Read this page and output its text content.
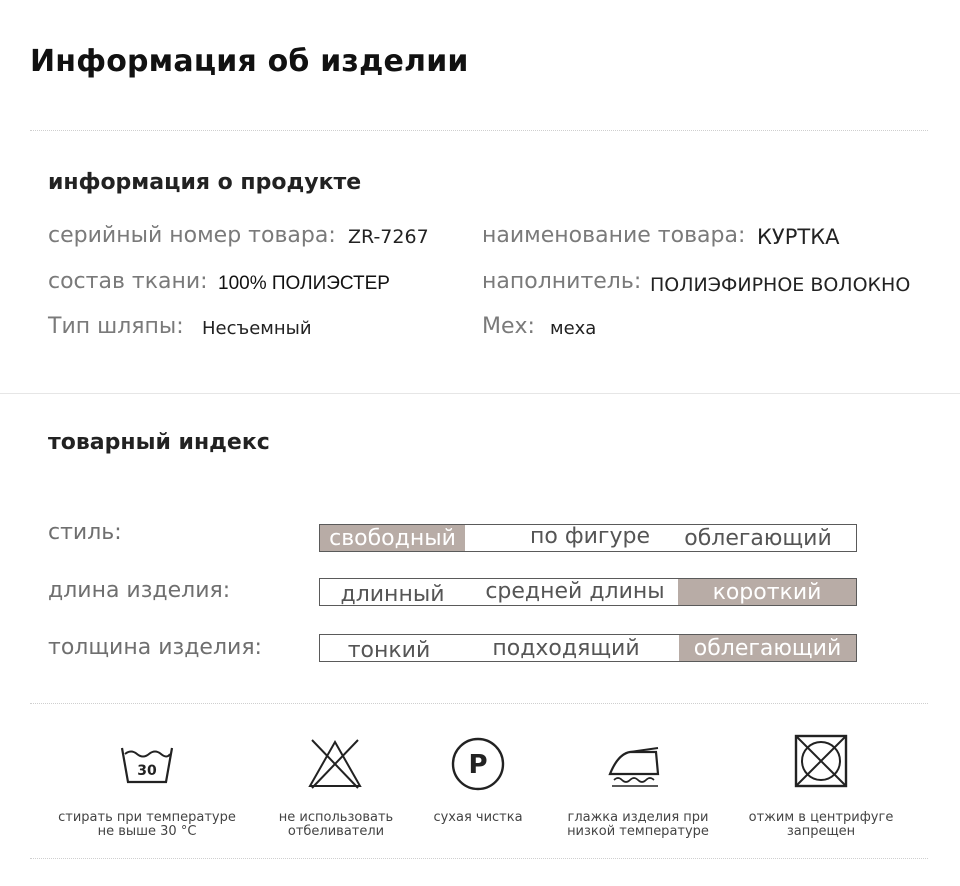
Информация об изделии
информация о продукте
серийный номер товара: ZR-7267 наименование товара: КУРТКА
состав ткани: 100% ПОЛИЭСТЕР	наполнитель: ПОЛИЭФИРНОЕ ВОЛОКНО
Тип шляпы: Несъемный	Мех: меха
товарный индекс
стиль:	свободный	по фигуре	облегающий
длина изделия:	длинный	средней длины	короткий
толщина изделия:	тонкий	подходящий	облегающий
30	P
стирать при температуре не выше 30 °С
не использовать отбеливатели
сухая чистка	глажка изделия при низкой температуре
отжим в центрифуге запрещен
